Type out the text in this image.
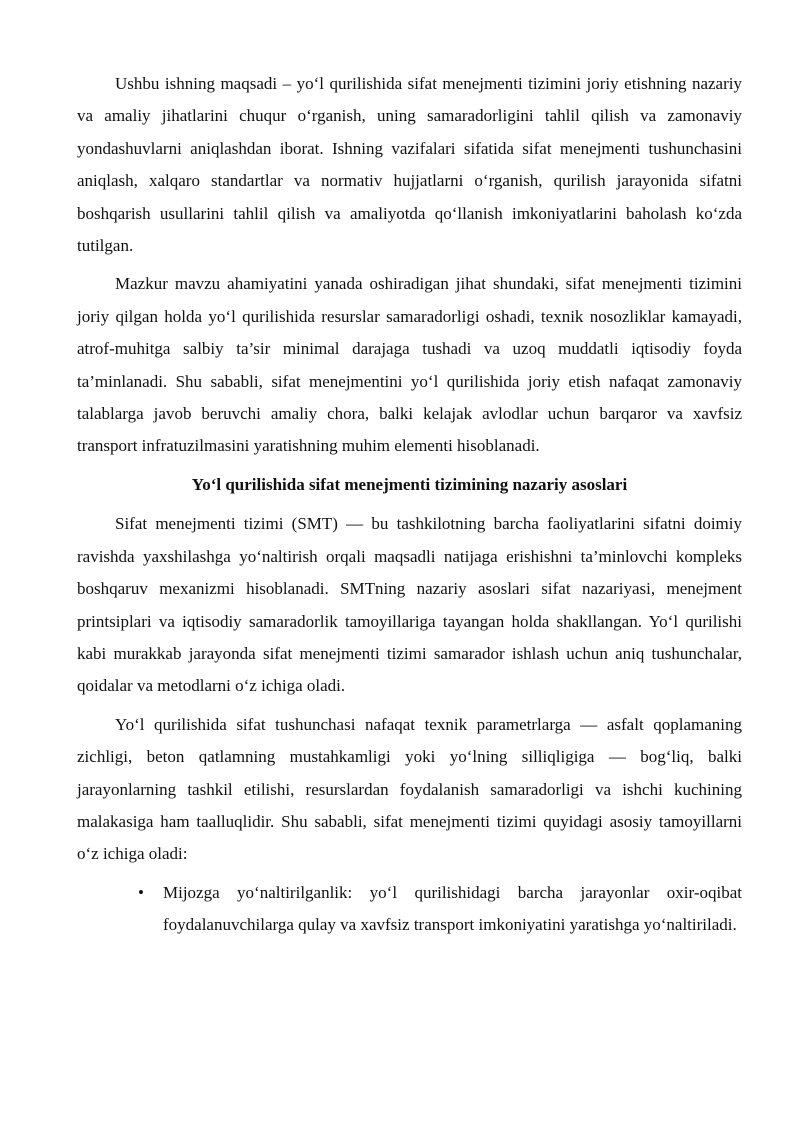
Ushbu ishning maqsadi – yo‘l qurilishida sifat menejmenti tizimini joriy etishning nazariy va amaliy jihatlarini chuqur o‘rganish, uning samaradorligini tahlil qilish va zamonaviy yondashuvlarni aniqlashdan iborat. Ishning vazifalari sifatida sifat menejmenti tushunchasini aniqlash, xalqaro standartlar va normativ hujjatlarni o‘rganish, qurilish jarayonida sifatni boshqarish usullarini tahlil qilish va amaliyotda qo‘llanish imkoniyatlarini baholash ko‘zda tutilgan.

Mazkur mavzu ahamiyatini yanada oshiradigan jihat shundaki, sifat menejmenti tizimini joriy qilgan holda yo‘l qurilishida resurslar samaradorligi oshadi, texnik nosozliklar kamayadi, atrof-muhitga salbiy ta’sir minimal darajaga tushadi va uzoq muddatli iqtisodiy foyda ta’minlanadi. Shu sababli, sifat menejmentini yo‘l qurilishida joriy etish nafaqat zamonaviy talablarga javob beruvchi amaliy chora, balki kelajak avlodlar uchun barqaror va xavfsiz transport infratuzilmasini yaratishning muhim elementi hisoblanadi.

Yo‘l qurilishida sifat menejmenti tizimining nazariy asoslari

Sifat menejmenti tizimi (SMT) — bu tashkilotning barcha faoliyatlarini sifatni doimiy ravishda yaxshilashga yo‘naltirish orqali maqsadli natijaga erishishni ta’minlovchi kompleks boshqaruv mexanizmi hisoblanadi. SMTning nazariy asoslari sifat nazariyasi, menejment printsiplari va iqtisodiy samaradorlik tamoyillariga tayangan holda shakllangan. Yo‘l qurilishi kabi murakkab jarayonda sifat menejmenti tizimi samarador ishlash uchun aniq tushunchalar, qoidalar va metodlarni o‘z ichiga oladi.

Yo‘l qurilishida sifat tushunchasi nafaqat texnik parametrlarga — asfalt qoplamaning zichligi, beton qatlamning mustahkamligi yoki yo‘lning silliqligiga — bog‘liq, balki jarayonlarning tashkil etilishi, resurslardan foydalanish samaradorligi va ishchi kuchining malakasiga ham taalluqlidir. Shu sababli, sifat menejmenti tizimi quyidagi asosiy tamoyillarni o‘z ichiga oladi:

• Mijozga yo‘naltirilganlik: yo‘l qurilishidagi barcha jarayonlar oxir-oqibat foydalanuvchilarga qulay va xavfsiz transport imkoniyatini yaratishga yo‘naltiriladi.
